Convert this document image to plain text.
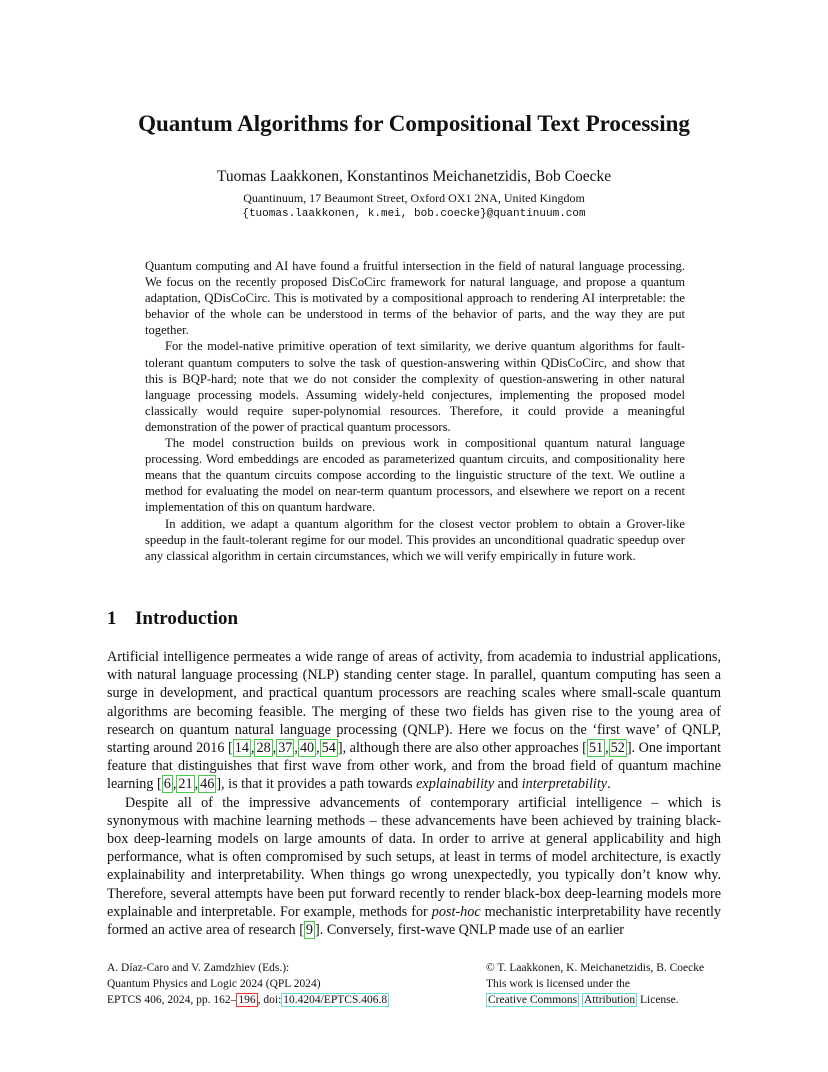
Quantum Algorithms for Compositional Text Processing
Tuomas Laakkonen, Konstantinos Meichanetzidis, Bob Coecke
Quantinuum, 17 Beaumont Street, Oxford OX1 2NA, United Kingdom
{tuomas.laakkonen, k.mei, bob.coecke}@quantinuum.com

Quantum computing and AI have found a fruitful intersection in the field of natural language processing. We focus on the recently proposed DisCoCirc framework for natural language, and propose a quantum adaptation, QDisCoCirc. This is motivated by a compositional approach to rendering AI interpretable: the behavior of the whole can be understood in terms of the behavior of parts, and the way they are put together.

For the model-native primitive operation of text similarity, we derive quantum algorithms for fault-tolerant quantum computers to solve the task of question-answering within QDisCoCirc, and show that this is BQP-hard; note that we do not consider the complexity of question-answering in other natural language processing models. Assuming widely-held conjectures, implementing the proposed model classically would require super-polynomial resources. Therefore, it could provide a meaningful demonstration of the power of practical quantum processors.

The model construction builds on previous work in compositional quantum natural language processing. Word embeddings are encoded as parameterized quantum circuits, and compositionality here means that the quantum circuits compose according to the linguistic structure of the text. We outline a method for evaluating the model on near-term quantum processors, and elsewhere we report on a recent implementation of this on quantum hardware.

In addition, we adapt a quantum algorithm for the closest vector problem to obtain a Grover-like speedup in the fault-tolerant regime for our model. This provides an unconditional quadratic speedup over any classical algorithm in certain circumstances, which we will verify empirically in future work.

1 Introduction

Artificial intelligence permeates a wide range of areas of activity, from academia to industrial applications, with natural language processing (NLP) standing center stage. In parallel, quantum computing has seen a surge in development, and practical quantum processors are reaching scales where small-scale quantum algorithms are becoming feasible. The merging of these two fields has given rise to the young area of research on quantum natural language processing (QNLP). Here we focus on the ‘first wave’ of QNLP, starting around 2016 [ 14 , 28 , 37 , 40 , 54 ], although there are also other approaches [ 51 , 52 ]. One important feature that distinguishes that first wave from other work, and from the broad field of quantum machine learning [ 6 , 21 , 46 ], is that it provides a path towards explainability and interpretability.

Despite all of the impressive advancements of contemporary artificial intelligence – which is synonymous with machine learning methods – these advancements have been achieved by training black-box deep-learning models on large amounts of data. In order to arrive at general applicability and high performance, what is often compromised by such setups, at least in terms of model architecture, is exactly explainability and interpretability. When things go wrong unexpectedly, you typically don’t know why. Therefore, several attempts have been put forward recently to render black-box deep-learning models more explainable and interpretable. For example, methods for post-hoc mechanistic interpretability have recently formed an active area of research [ 9 ]. Conversely, first-wave QNLP made use of an earlier

A. Díaz-Caro and V. Zamdzhiev (Eds.):
Quantum Physics and Logic 2024 (QPL 2024)
EPTCS 406, 2024, pp. 162– 196 , doi: 10.4204/EPTCS.406.8
© T. Laakkonen, K. Meichanetzidis, B. Coecke
This work is licensed under the
Creative Commons Attribution License.
